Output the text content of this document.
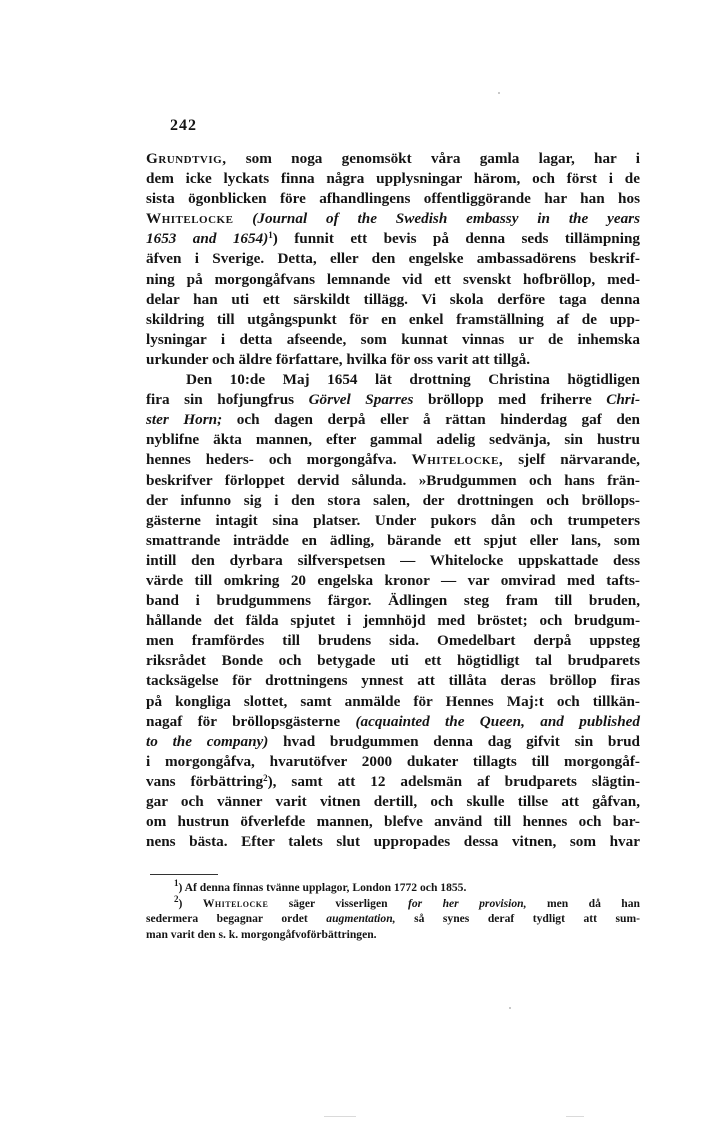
242
Grundtvig, som noga genomsökt våra gamla lagar, har i
dem icke lyckats finna några upplysningar härom, och först i de
sista ögonblicken före afhandlingens offentliggörande har han hos
Whitelocke (Journal of the Swedish embassy in the years
1653 and 1654)$^1$) funnit ett bevis på denna seds tillämpning
äfven i Sverige. Detta, eller den engelske ambassadörens beskrif-
ning på morgongåfvans lemnande vid ett svenskt hofbröllop, med-
delar han uti ett särskildt tillägg. Vi skola derföre taga denna
skildring till utgångspunkt för en enkel framställning af de upp-
lysningar i detta afseende, som kunnat vinnas ur de inhemska
urkunder och äldre författare, hvilka för oss varit att tillgå.
Den 10:de Maj 1654 lät drottning Christina högtidligen
fira sin hofjungfrus Görvel Sparres bröllopp med friherre Chri-
ster Horn; och dagen derpå eller å rättan hinderdag gaf den
nyblifne äkta mannen, efter gammal adelig sedvänja, sin hustru
hennes heders- och morgongåfva. Whitelocke, sjelf närvarande,
beskrifver förloppet dervid sålunda. »Brudgummen och hans frän-
der infunno sig i den stora salen, der drottningen och bröllops-
gästerne intagit sina platser. Under pukors dån och trumpeters
smattrande inträdde en ädling, bärande ett spjut eller lans, som
intill den dyrbara silfverspetsen — Whitelocke uppskattade dess
värde till omkring 20 engelska kronor — var omvirad med tafts-
band i brudgummens färgor. Ädlingen steg fram till bruden,
hållande det fälda spjutet i jemnhöjd med bröstet; och brudgum-
men framfördes till brudens sida. Omedelbart derpå uppsteg
riksrådet Bonde och betygade uti ett högtidligt tal brudparets
tacksägelse för drottningens ynnest att tillåta deras bröllop firas
på kongliga slottet, samt anmälde för Hennes Maj:t och tillkän-
nagaf för bröllopsgästerne (acquainted the Queen, and published
to the company) hvad brudgummen denna dag gifvit sin brud
i morgongåfva, hvarutöfver 2000 dukater tillagts till morgongåf-
vans förbättring$^2$), samt att 12 adelsmän af brudparets slägtin-
gar och vänner varit vitnen dertill, och skulle tillse att gåfvan,
om hustrun öfverlefde mannen, blefve använd till hennes och bar-
nens bästa. Efter talets slut uppropades dessa vitnen, som hvar
$^1$) Af denna finnas tvänne upplagor, London 1772 och 1855.
$^2$) Whitelocke säger visserligen for her provision, men då han
sedermera begagnar ordet augmentation, så synes deraf tydligt att sum-
man varit den s. k. morgongåfvoförbättringen.
